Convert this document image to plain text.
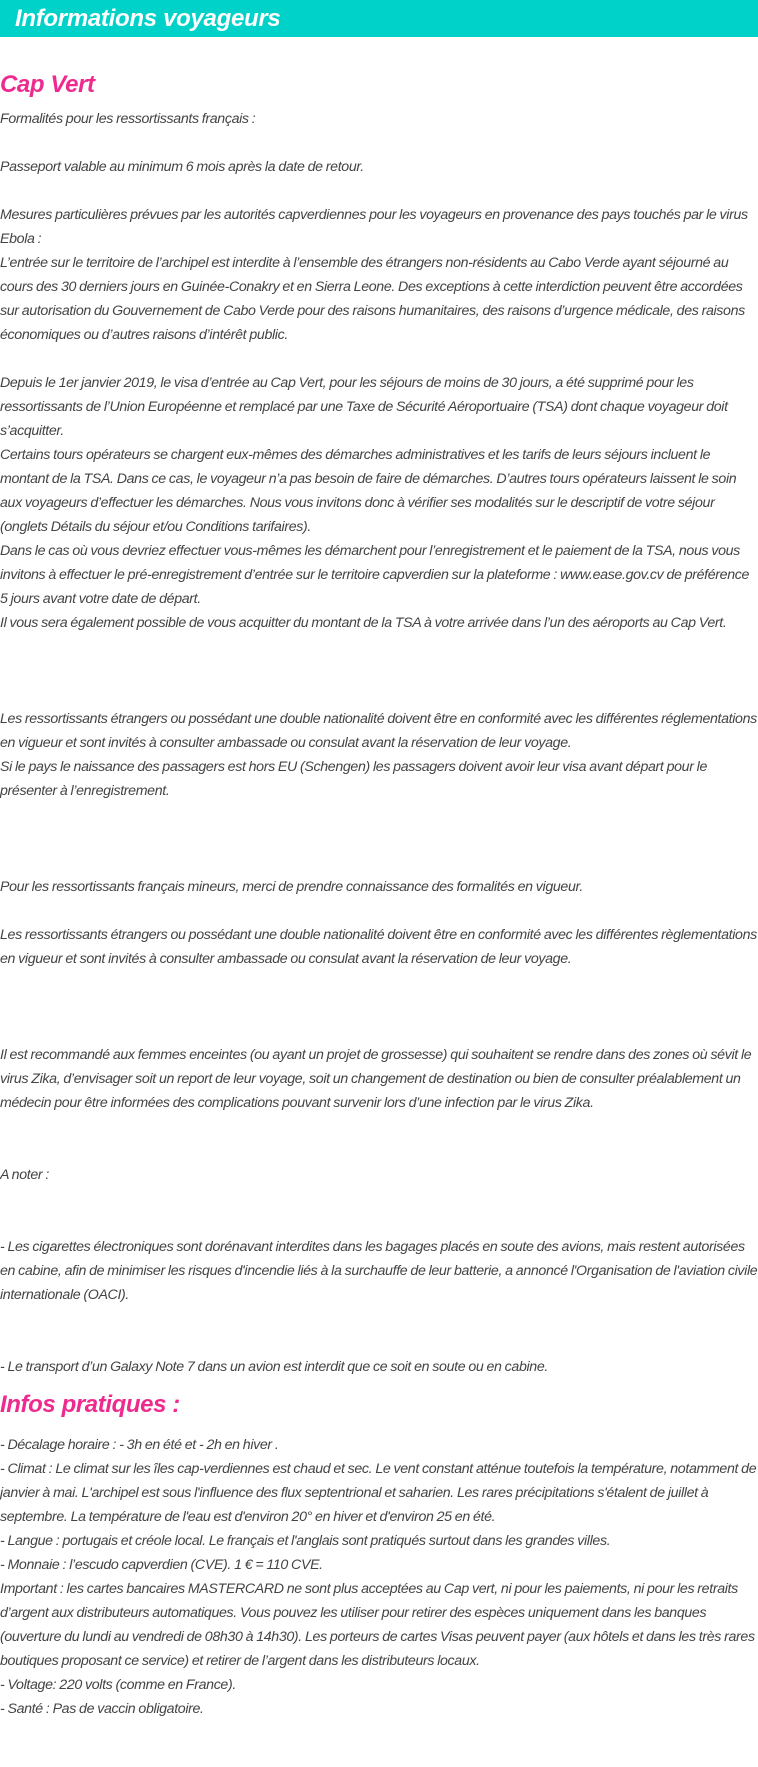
Informations voyageurs
Cap Vert

Formalités pour les ressortissants français :

Passeport valable au minimum 6 mois après la date de retour.

Mesures particulières prévues par les autorités capverdiennes pour les voyageurs en provenance des pays touchés par le virus Ebola :

L’entrée sur le territoire de l’archipel est interdite à l’ensemble des étrangers non-résidents au Cabo Verde ayant séjourné au cours des 30 derniers jours en Guinée-Conakry et en Sierra Leone. Des exceptions à cette interdiction peuvent être accordées sur autorisation du Gouvernement de Cabo Verde pour des raisons humanitaires, des raisons d’urgence médicale, des raisons économiques ou d’autres raisons d’intérêt public.

Depuis le 1er janvier 2019, le visa d’entrée au Cap Vert, pour les séjours de moins de 30 jours, a été supprimé pour les ressortissants de l’Union Européenne et remplacé par une Taxe de Sécurité Aéroportuaire (TSA) dont chaque voyageur doit s’acquitter.

Certains tours opérateurs se chargent eux-mêmes des démarches administratives et les tarifs de leurs séjours incluent le montant de la TSA. Dans ce cas, le voyageur n’a pas besoin de faire de démarches. D’autres tours opérateurs laissent le soin aux voyageurs d’effectuer les démarches. Nous vous invitons donc à vérifier ses modalités sur le descriptif de votre séjour (onglets Détails du séjour et/ou Conditions tarifaires).

Dans le cas où vous devriez effectuer vous-mêmes les démarchent pour l’enregistrement et le paiement de la TSA, nous vous invitons à effectuer le pré-enregistrement d’entrée sur le territoire capverdien sur la plateforme : www.ease.gov.cv de préférence 5 jours avant votre date de départ.

Il vous sera également possible de vous acquitter du montant de la TSA à votre arrivée dans l’un des aéroports au Cap Vert.

Les ressortissants étrangers ou possédant une double nationalité doivent être en conformité avec les différentes réglementations en vigueur et sont invités à consulter ambassade ou consulat avant la réservation de leur voyage.

Si le pays le naissance des passagers est hors EU (Schengen) les passagers doivent avoir leur visa avant départ pour le présenter à l’enregistrement.

Pour les ressortissants français mineurs, merci de prendre connaissance des formalités en vigueur.

Les ressortissants étrangers ou possédant une double nationalité doivent être en conformité avec les différentes règlementations en vigueur et sont invités à consulter ambassade ou consulat avant la réservation de leur voyage.

Il est recommandé aux femmes enceintes (ou ayant un projet de grossesse) qui souhaitent se rendre dans des zones où sévit le virus Zika, d’envisager soit un report de leur voyage, soit un changement de destination ou bien de consulter préalablement un médecin pour être informées des complications pouvant survenir lors d’une infection par le virus Zika.

A noter :

- Les cigarettes électroniques sont dorénavant interdites dans les bagages placés en soute des avions, mais restent autorisées en cabine, afin de minimiser les risques d'incendie liés à la surchauffe de leur batterie, a annoncé l'Organisation de l'aviation civile internationale (OACI).

- Le transport d’un Galaxy Note 7 dans un avion est interdit que ce soit en soute ou en cabine.

Infos pratiques :

- Décalage horaire : - 3h en été et - 2h en hiver .

- Climat : Le climat sur les îles cap-verdiennes est chaud et sec. Le vent constant atténue toutefois la température, notamment de janvier à mai. L'archipel est sous l'influence des flux septentrional et saharien. Les rares précipitations s'étalent de juillet à septembre. La température de l'eau est d'environ 20° en hiver et d'environ 25 en été.

- Langue : portugais et créole local. Le français et l'anglais sont pratiqués surtout dans les grandes villes.

- Monnaie : l’escudo capverdien (CVE). 1 € = 110 CVE.

Important : les cartes bancaires MASTERCARD ne sont plus acceptées au Cap vert, ni pour les paiements, ni pour les retraits d’argent aux distributeurs automatiques. Vous pouvez les utiliser pour retirer des espèces uniquement dans les banques (ouverture du lundi au vendredi de 08h30 à 14h30). Les porteurs de cartes Visas peuvent payer (aux hôtels et dans les très rares boutiques proposant ce service) et retirer de l’argent dans les distributeurs locaux.

- Voltage: 220 volts (comme en France).

- Santé : Pas de vaccin obligatoire.
